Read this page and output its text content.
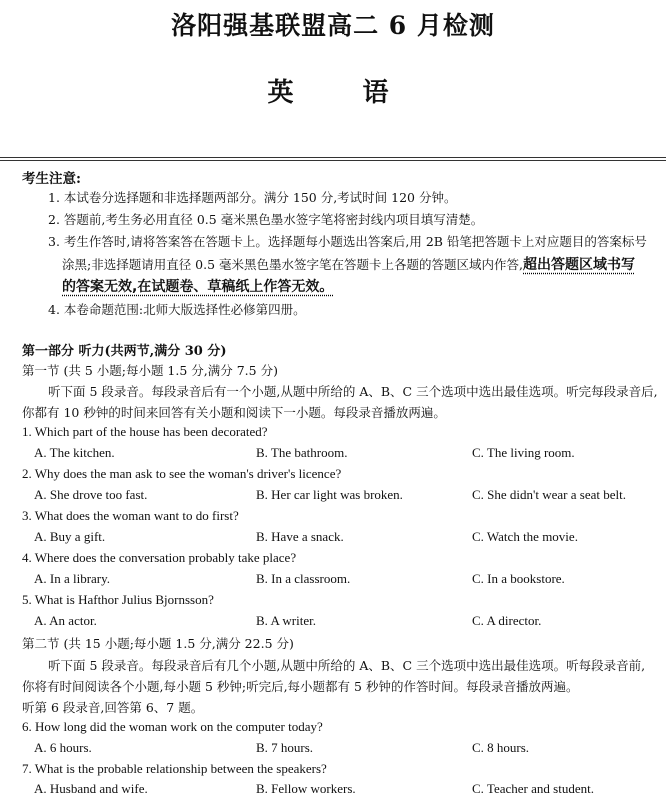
洛阳强基联盟高二 6 月检测
英 语
考生注意:
1. 本试卷分选择题和非选择题两部分。满分 150 分,考试时间 120 分钟。
2. 答题前,考生务必用直径 0.5 毫米黑色墨水签字笔将密封线内项目填写清楚。
3. 考生作答时,请将答案答在答题卡上。选择题每小题选出答案后,用 2B 铅笔把答题卡上对应题目的答案标号
涂黑;非选择题请用直径 0.5 毫米黑色墨水签字笔在答题卡上各题的答题区域内作答,超出答题区域书写
的答案无效,在试题卷、草稿纸上作答无效。
4. 本卷命题范围:北师大版选择性必修第四册。
第一部分 听力(共两节,满分 30 分)
第一节 (共 5 小题;每小题 1.5 分,满分 7.5 分)
听下面 5 段录音。每段录音后有一个小题,从题中所给的 A、B、C 三个选项中选出最佳选项。听完每段录音后,
你都有 10 秒钟的时间来回答有关小题和阅读下一小题。每段录音播放两遍。
1. Which part of the house has been decorated?
A. The kitchen.	B. The bathroom.	C. The living room.
2. Why does the man ask to see the woman's driver's licence?
A. She drove too fast.	B. Her car light was broken.	C. She didn't wear a seat belt.
3. What does the woman want to do first?
A. Buy a gift.	B. Have a snack.	C. Watch the movie.
4. Where does the conversation probably take place?
A. In a library.	B. In a classroom.	C. In a bookstore.
5. What is Hafthor Julius Bjornsson?
A. An actor.	B. A writer.	C. A director.
第二节 (共 15 小题;每小题 1.5 分,满分 22.5 分)
听下面 5 段录音。每段录音后有几个小题,从题中所给的 A、B、C 三个选项中选出最佳选项。听每段录音前,
你将有时间阅读各个小题,每小题 5 秒钟;听完后,每小题都有 5 秒钟的作答时间。每段录音播放两遍。
听第 6 段录音,回答第 6、7 题。
6. How long did the woman work on the computer today?
A. 6 hours.	B. 7 hours.	C. 8 hours.
7. What is the probable relationship between the speakers?
A. Husband and wife.	B. Fellow workers.	C. Teacher and student.
